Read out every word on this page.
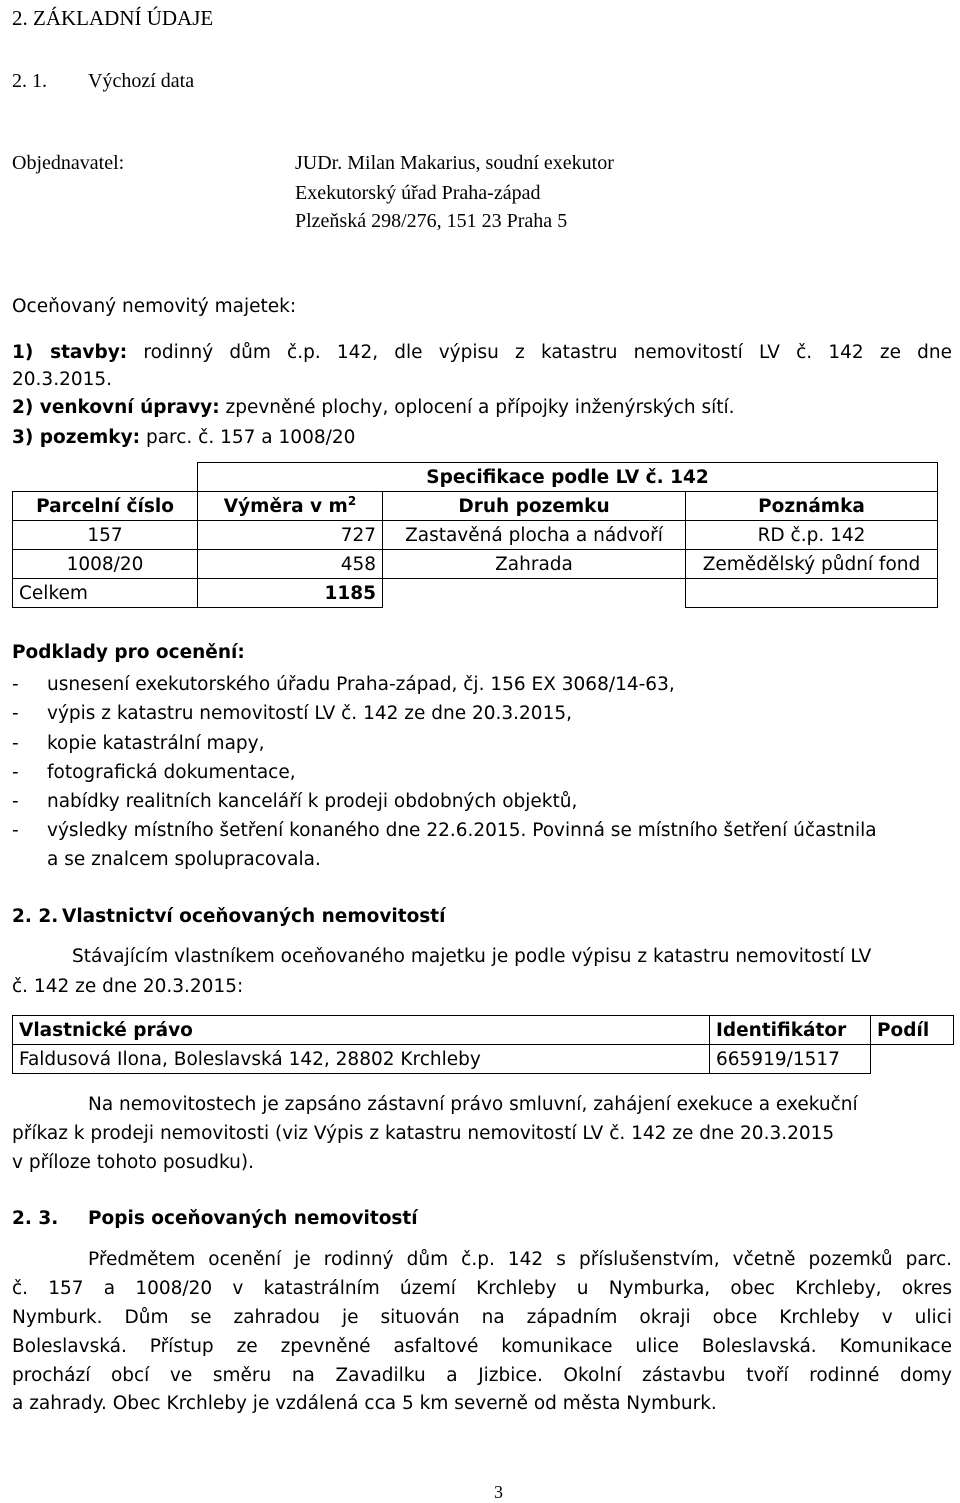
2. ZÁKLADNÍ ÚDAJE
2. 1. Výchozí data
Objednavatel:	JUDr. Milan Makarius, soudní exekutor
Exekutorský úřad Praha-západ
Plzeňská 298/276, 151 23 Praha 5
Oceňovaný nemovitý majetek:
1) stavby: rodinný dům č.p. 142, dle výpisu z katastru nemovitostí LV č. 142 ze dne
20.3.2015.
2) venkovní úpravy: zpevněné plochy, oplocení a přípojky inženýrských sítí.
3) pozemky: parc. č. 157 a 1008/20
	Specifikace podle LV č. 142		
Parcelní číslo	Výměra v $m^2$	Druh pozemku	Poznámka
157	727	Zastavěná plocha a nádvoří	RD č.p. 142
1008/20	458	Zahrada	Zemědělský půdní fond
Celkem	1185		
Podklady pro ocenění:
- usnesení exekutorského úřadu Praha-západ, čj. 156 EX 3068/14-63,
- výpis z katastru nemovitostí LV č. 142 ze dne 20.3.2015,
- kopie katastrální mapy,
- fotografická dokumentace,
- nabídky realitních kanceláří k prodeji obdobných objektů,
- výsledky místního šetření konaného dne 22.6.2015. Povinná se místního šetření účastnila
a se znalcem spolupracovala.
2. 2. Vlastnictví oceňovaných nemovitostí
Stávajícím vlastníkem oceňovaného majetku je podle výpisu z katastru nemovitostí LV
č. 142 ze dne 20.3.2015:
Vlastnické právo	Identifikátor	Podíl
Faldusová Ilona, Boleslavská 142, 28802 Krchleby	665919/1517	
Na nemovitostech je zapsáno zástavní právo smluvní, zahájení exekuce a exekuční
příkaz k prodeji nemovitosti (viz Výpis z katastru nemovitostí LV č. 142 ze dne 20.3.2015
v příloze tohoto posudku).
2. 3. Popis oceňovaných nemovitostí
Předmětem ocenění je rodinný dům č.p. 142 s příslušenstvím, včetně pozemků parc.
č. 157 a 1008/20 v katastrálním území Krchleby u Nymburka, obec Krchleby, okres
Nymburk. Dům se zahradou je situován na západním okraji obce Krchleby v ulici
Boleslavská. Přístup ze zpevněné asfaltové komunikace ulice Boleslavská. Komunikace
prochází obcí ve směru na Zavadilku a Jizbice. Okolní zástavbu tvoří rodinné domy
a zahrady. Obec Krchleby je vzdálená cca 5 km severně od města Nymburk.
3
